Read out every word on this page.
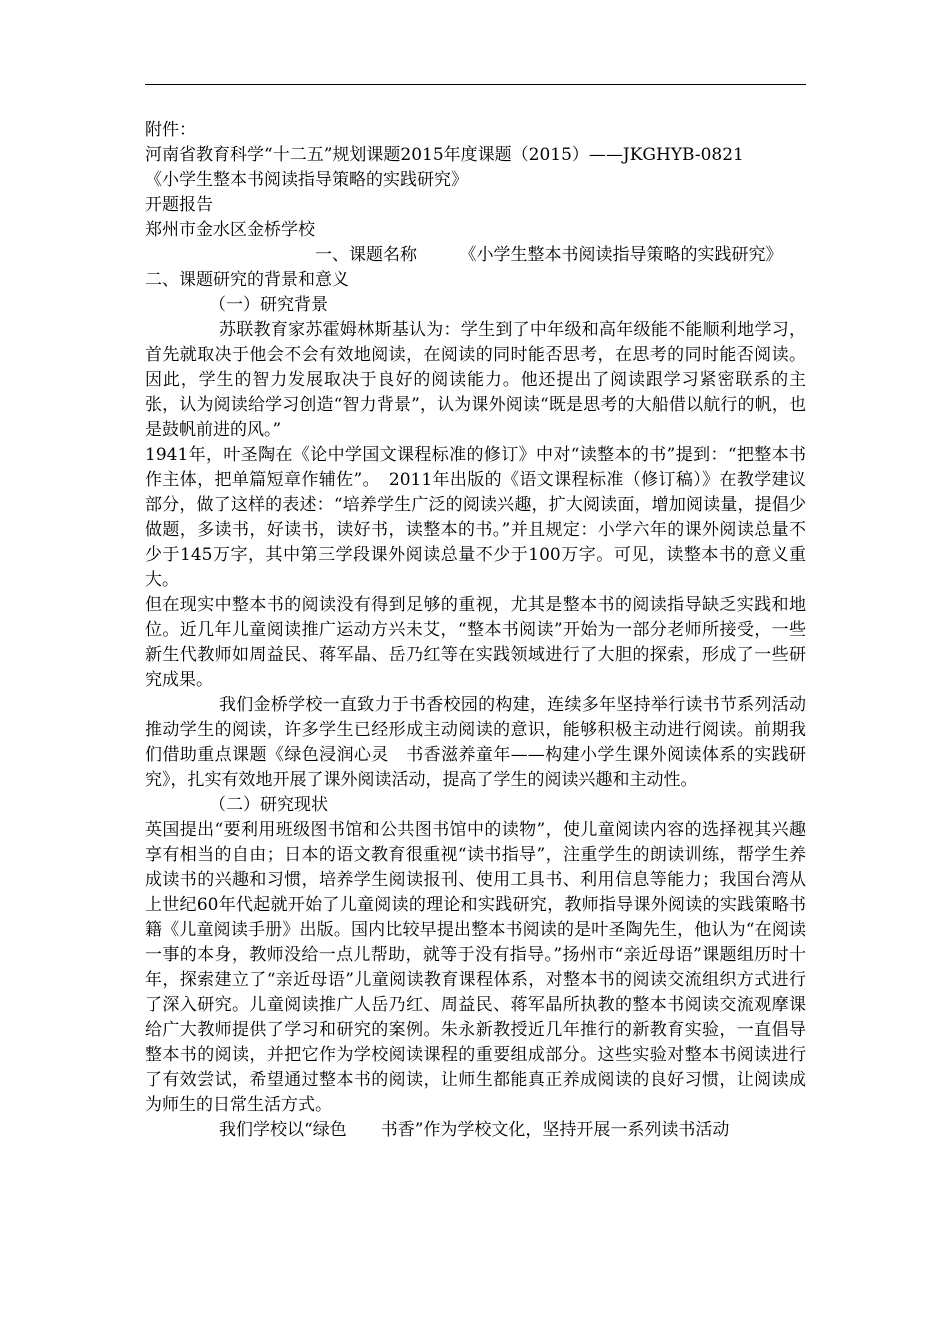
附件：

河南省教育科学“十二五”规划课题2015年度课题（2015）——JKGHYB-0821

《小学生整本书阅读指导策略的实践研究》

开题报告

郑州市金水区金桥学校

一、课题名称　　　《小学生整本书阅读指导策略的实践研究》

二、课题研究的背景和意义

（一）研究背景

苏联教育家苏霍姆林斯基认为：学生到了中年级和高年级能不能顺利地学习，首先就取决于他会不会有效地阅读，在阅读的同时能否思考，在思考的同时能否阅读。因此，学生的智力发展取决于良好的阅读能力。他还提出了阅读跟学习紧密联系的主张，认为阅读给学习创造“智力背景”，认为课外阅读“既是思考的大船借以航行的帆，也是鼓帆前进的风。”

1941年，叶圣陶在《论中学国文课程标准的修订》中对“读整本的书”提到：“把整本书作主体，把单篇短章作辅佐”。　2011年出版的《语文课程标准（修订稿）》在教学建议部分，做了这样的表述：“培养学生广泛的阅读兴趣，扩大阅读面，增加阅读量，提倡少做题，多读书，好读书，读好书，读整本的书。”并且规定：小学六年的课外阅读总量不少于145万字，其中第三学段课外阅读总量不少于100万字。可见，读整本书的意义重大。

但在现实中整本书的阅读没有得到足够的重视，尤其是整本书的阅读指导缺乏实践和地位。近几年儿童阅读推广运动方兴未艾，“整本书阅读”开始为一部分老师所接受，一些新生代教师如周益民、蒋军晶、岳乃红等在实践领域进行了大胆的探索，形成了一些研究成果。

我们金桥学校一直致力于书香校园的构建，连续多年坚持举行读书节系列活动推动学生的阅读，许多学生已经形成主动阅读的意识，能够积极主动进行阅读。前期我们借助重点课题《绿色浸润心灵　书香滋养童年——构建小学生课外阅读体系的实践研究》，扎实有效地开展了课外阅读活动，提高了学生的阅读兴趣和主动性。

（二）研究现状

英国提出“要利用班级图书馆和公共图书馆中的读物”，使儿童阅读内容的选择视其兴趣享有相当的自由；日本的语文教育很重视“读书指导”，注重学生的朗读训练，帮学生养成读书的兴趣和习惯，培养学生阅读报刊、使用工具书、利用信息等能力；我国台湾从上世纪60年代起就开始了儿童阅读的理论和实践研究，教师指导课外阅读的实践策略书籍《儿童阅读手册》出版。国内比较早提出整本书阅读的是叶圣陶先生，他认为“在阅读一事的本身，教师没给一点儿帮助，就等于没有指导。”扬州市“亲近母语”课题组历时十年，探索建立了“亲近母语”儿童阅读教育课程体系，对整本书的阅读交流组织方式进行了深入研究。儿童阅读推广人岳乃红、周益民、蒋军晶所执教的整本书阅读交流观摩课给广大教师提供了学习和研究的案例。朱永新教授近几年推行的新教育实验，一直倡导整本书的阅读，并把它作为学校阅读课程的重要组成部分。这些实验对整本书阅读进行了有效尝试，希望通过整本书的阅读，让师生都能真正养成阅读的良好习惯，让阅读成为师生的日常生活方式。

我们学校以“绿色　　书香”作为学校文化，坚持开展一系列读书活动
